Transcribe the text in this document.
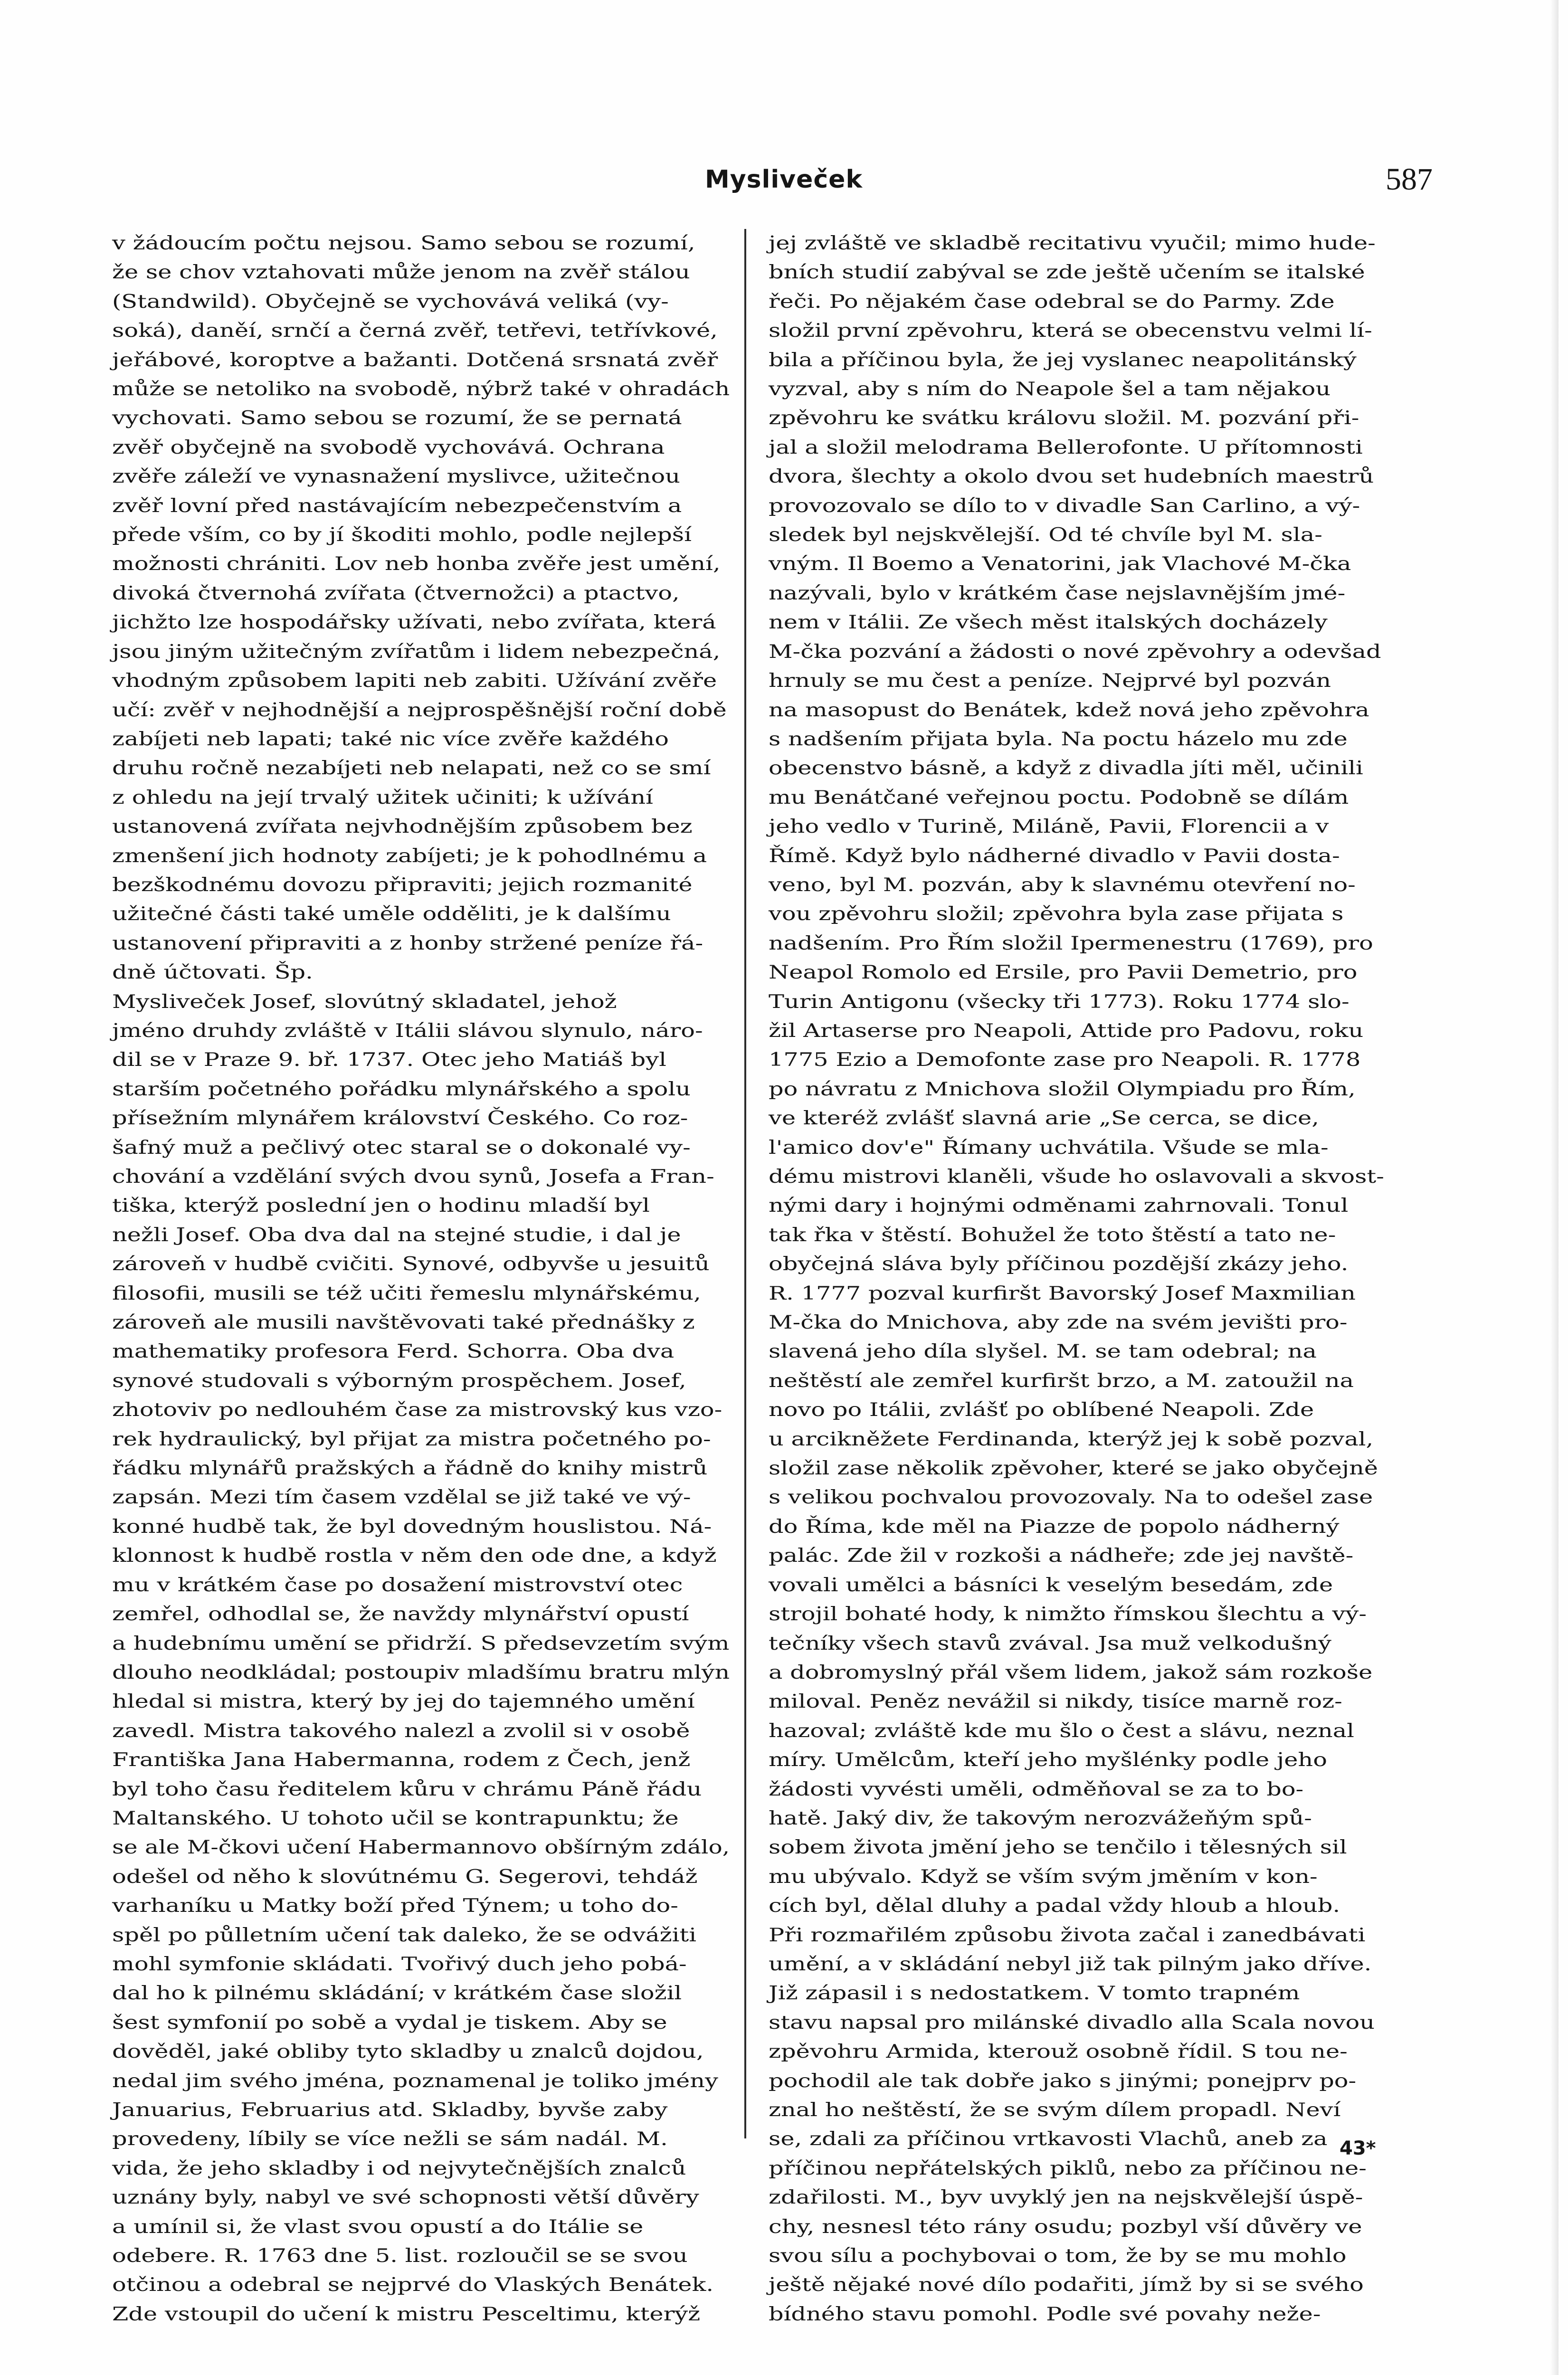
Mysliveček	587
v žádoucím počtu nejsou. Samo sebou se rozumí,
že se chov vztahovati může jenom na zvěř stálou
(Standwild). Obyčejně se vychovává veliká (vy-
soká), daněí, srnčí a černá zvěř, tetřevi, tetřívkové,
jeřábové, koroptve a bažanti. Dotčená srsnatá zvěř
může se netoliko na svobodě, nýbrž také v ohradách
vychovati. Samo sebou se rozumí, že se pernatá
zvěř obyčejně na svobodě vychovává. Ochrana
zvěře záleží ve vynasnažení myslivce, užitečnou
zvěř lovní před nastávajícím nebezpečenstvím a
přede vším, co by jí škoditi mohlo, podle nejlepší
možnosti chrániti. Lov neb honba zvěře jest umění,
divoká čtvernohá zvířata (čtvernožci) a ptactvo,
jichžto lze hospodářsky užívati, nebo zvířata, která
jsou jiným užitečným zvířatům i lidem nebezpečná,
vhodným způsobem lapiti neb zabiti. Užívání zvěře
učí: zvěř v nejhodnější a nejprospěšnější roční době
zabíjeti neb lapati; také nic více zvěře každého
druhu ročně nezabíjeti neb nelapati, než co se smí
z ohledu na její trvalý užitek učiniti; k užívání
ustanovená zvířata nejvhodnějším způsobem bez
zmenšení jich hodnoty zabíjeti; je k pohodlnému a
bezškodnému dovozu připraviti; jejich rozmanité
užitečné části také uměle odděliti, je k dalšímu
ustanovení připraviti a z honby stržené peníze řá-
dně účtovati. Šp.
Mysliveček Josef, slovútný skladatel, jehož
jméno druhdy zvláště v Itálii slávou slynulo, náro-
dil se v Praze 9. bř. 1737. Otec jeho Matiáš byl
starším početného pořádku mlynářského a spolu
přísežním mlynářem království Českého. Co roz-
šafný muž a pečlivý otec staral se o dokonalé vy-
chování a vzdělání svých dvou synů, Josefa a Fran-
tiška, kterýž poslední jen o hodinu mladší byl
nežli Josef. Oba dva dal na stejné studie, i dal je
zároveň v hudbě cvičiti. Synové, odbyvše u jesuitů
filosofii, musili se též učiti řemeslu mlynářskému,
zároveň ale musili navštěvovati také přednášky z
mathematiky profesora Ferd. Schorra. Oba dva
synové studovali s výborným prospěchem. Josef,
zhotoviv po nedlouhém čase za mistrovský kus vzo-
rek hydraulický, byl přijat za mistra početného po-
řádku mlynářů pražských a řádně do knihy mistrů
zapsán. Mezi tím časem vzdělal se již také ve vý-
konné hudbě tak, že byl dovedným houslistou. Ná-
klonnost k hudbě rostla v něm den ode dne, a když
mu v krátkém čase po dosažení mistrovství otec
zemřel, odhodlal se, že navždy mlynářství opustí
a hudebnímu umění se přidrží. S předsevzetím svým
dlouho neodkládal; postoupiv mladšímu bratru mlýn
hledal si mistra, který by jej do tajemného umění
zavedl. Mistra takového nalezl a zvolil si v osobě
Františka Jana Habermanna, rodem z Čech, jenž
byl toho času ředitelem kůru v chrámu Páně řádu
Maltanského. U tohoto učil se kontrapunktu; že
se ale M-čkovi učení Habermannovo obšírným zdálo,
odešel od něho k slovútnému G. Segerovi, tehdáž
varhaníku u Matky boží před Týnem; u toho do-
spěl po půlletním učení tak daleko, že se odvážiti
mohl symfonie skládati. Tvořivý duch jeho pobá-
dal ho k pilnému skládání; v krátkém čase složil
šest symfonií po sobě a vydal je tiskem. Aby se
dověděl, jaké obliby tyto skladby u znalců dojdou,
nedal jim svého jména, poznamenal je toliko jmény
Januarius, Februarius atd. Skladby, byvše zaby
provedeny, líbily se více nežli se sám nadál. M.
vida, že jeho skladby i od nejvytečnějších znalců
uznány byly, nabyl ve své schopnosti větší důvěry
a umínil si, že vlast svou opustí a do Itálie se
odebere. R. 1763 dne 5. list. rozloučil se se svou
otčinou a odebral se nejprvé do Vlaských Benátek.
Zde vstoupil do učení k mistru Pesceltimu, kterýž
jej zvláště ve skladbě recitativu vyučil; mimo hude-
bních studií zabýval se zde ještě učením se italské
řeči. Po nějakém čase odebral se do Parmy. Zde
složil první zpěvohru, která se obecenstvu velmi lí-
bila a příčinou byla, že jej vyslanec neapolitánský
vyzval, aby s ním do Neapole šel a tam nějakou
zpěvohru ke svátku královu složil. M. pozvání při-
jal a složil melodrama Bellerofonte. U přítomnosti
dvora, šlechty a okolo dvou set hudebních maestrů
provozovalo se dílo to v divadle San Carlino, a vý-
sledek byl nejskvělejší. Od té chvíle byl M. sla-
vným. Il Boemo a Venatorini, jak Vlachové M-čka
nazývali, bylo v krátkém čase nejslavnějším jmé-
nem v Itálii. Ze všech měst italských docházely
M-čka pozvání a žádosti o nové zpěvohry a odevšad
hrnuly se mu čest a peníze. Nejprvé byl pozván
na masopust do Benátek, kdež nová jeho zpěvohra
s nadšením přijata byla. Na poctu házelo mu zde
obecenstvo básně, a když z divadla jíti měl, učinili
mu Benátčané veřejnou poctu. Podobně se dílám
jeho vedlo v Turině, Miláně, Pavii, Florencii a v
Římě. Když bylo nádherné divadlo v Pavii dosta-
veno, byl M. pozván, aby k slavnému otevření no-
vou zpěvohru složil; zpěvohra byla zase přijata s
nadšením. Pro Řím složil Ipermenestru (1769), pro
Neapol Romolo ed Ersile, pro Pavii Demetrio, pro
Turin Antigonu (všecky tři 1773). Roku 1774 slo-
žil Artaserse pro Neapoli, Attide pro Padovu, roku
1775 Ezio a Demofonte zase pro Neapoli. R. 1778
po návratu z Mnichova složil Olympiadu pro Řím,
ve kteréž zvlášť slavná arie „Se cerca, se dice,
l'amico dov'e" Římany uchvátila. Všude se mla-
dému mistrovi klaněli, všude ho oslavovali a skvost-
nými dary i hojnými odměnami zahrnovali. Tonul
tak řka v štěstí. Bohužel že toto štěstí a tato ne-
obyčejná sláva byly příčinou pozdější zkázy jeho.
R. 1777 pozval kurfiršt Bavorský Josef Maxmilian
M-čka do Mnichova, aby zde na svém jevišti pro-
slavená jeho díla slyšel. M. se tam odebral; na
neštěstí ale zemřel kurfiršt brzo, a M. zatoužil na
novo po Itálii, zvlášť po oblíbené Neapoli. Zde
u arcikněžete Ferdinanda, kterýž jej k sobě pozval,
složil zase několik zpěvoher, které se jako obyčejně
s velikou pochvalou provozovaly. Na to odešel zase
do Říma, kde měl na Piazze de popolo nádherný
palác. Zde žil v rozkoši a nádheře; zde jej navště-
vovali umělci a básníci k veselým besedám, zde
strojil bohaté hody, k nimžto římskou šlechtu a vý-
tečníky všech stavů zvával. Jsa muž velkodušný
a dobromyslný přál všem lidem, jakož sám rozkoše
miloval. Peněz nevážil si nikdy, tisíce marně roz-
hazoval; zvláště kde mu šlo o čest a slávu, neznal
míry. Umělcům, kteří jeho myšlénky podle jeho
žádosti vyvésti uměli, odměňoval se za to bo-
hatě. Jaký div, že takovým nerozvážeňým spů-
sobem života jmění jeho se tenčilo i tělesných sil
mu ubývalo. Když se vším svým jměním v kon-
cích byl, dělal dluhy a padal vždy hloub a hloub.
Při rozmařilém způsobu života začal i zanedbávati
umění, a v skládání nebyl již tak pilným jako dříve.
Již zápasil i s nedostatkem. V tomto trapném
stavu napsal pro milánské divadlo alla Scala novou
zpěvohru Armida, kterouž osobně řídil. S tou ne-
pochodil ale tak dobře jako s jinými; ponejprv po-
znal ho neštěstí, že se svým dílem propadl. Neví
se, zdali za příčinou vrtkavosti Vlachů, aneb za
příčinou nepřátelských piklů, nebo za příčinou ne-
zdařilosti. M., byv uvyklý jen na nejskvělejší úspě-
chy, nesnesl této rány osudu; pozbyl vší důvěry ve
svou sílu a pochybovai o tom, že by se mu mohlo
ještě nějaké nové dílo podařiti, jímž by si se svého
bídného stavu pomohl. Podle své povahy neže-
43*
